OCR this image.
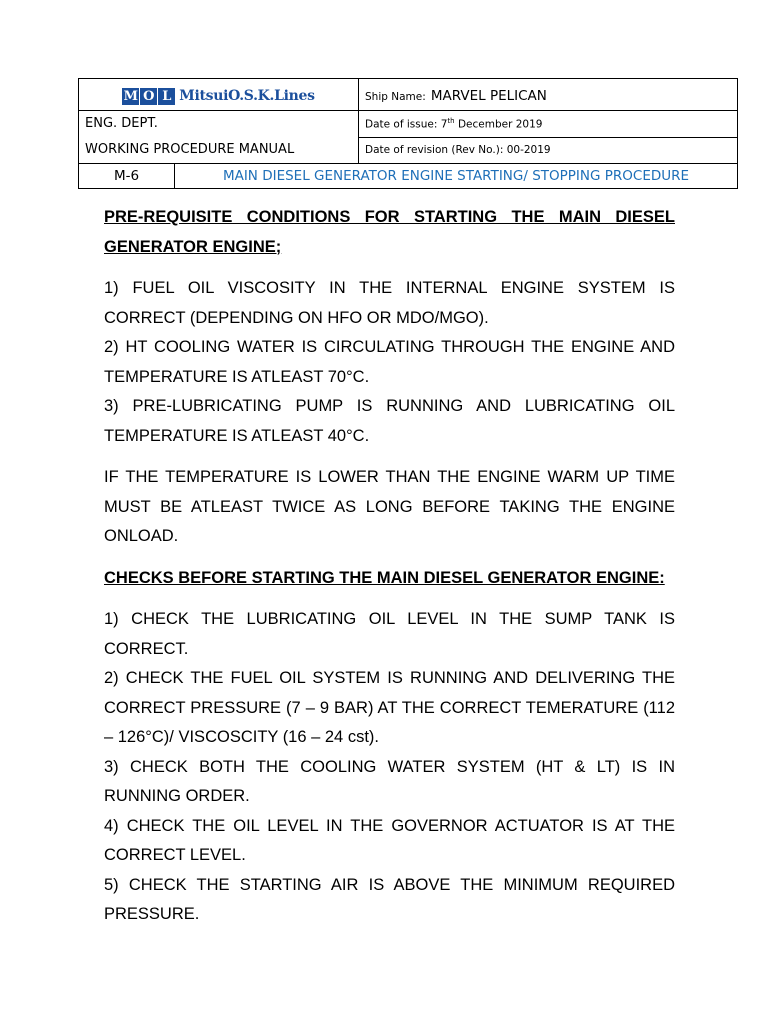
M O L MitsuiO.S.K.Lines		Ship Name: MARVEL PELICAN

ENG. DEPT.
WORKING PROCEDURE MANUAL		Date of issue: 7th December 2019
		Date of revision (Rev No.): 00-2019
M-6	MAIN DIESEL GENERATOR ENGINE STARTING/ STOPPING PROCEDURE	

PRE-REQUISITE CONDITIONS FOR STARTING THE MAIN DIESEL GENERATOR ENGINE;

1) FUEL OIL VISCOSITY IN THE INTERNAL ENGINE SYSTEM IS CORRECT (DEPENDING ON HFO OR MDO/MGO).

2) HT COOLING WATER IS CIRCULATING THROUGH THE ENGINE AND TEMPERATURE IS ATLEAST 70°C.

3) PRE-LUBRICATING PUMP IS RUNNING AND LUBRICATING OIL TEMPERATURE IS ATLEAST 40°C.

IF THE TEMPERATURE IS LOWER THAN THE ENGINE WARM UP TIME MUST BE ATLEAST TWICE AS LONG BEFORE TAKING THE ENGINE ONLOAD.

CHECKS BEFORE STARTING THE MAIN DIESEL GENERATOR ENGINE:

1) CHECK THE LUBRICATING OIL LEVEL IN THE SUMP TANK IS CORRECT.

2) CHECK THE FUEL OIL SYSTEM IS RUNNING AND DELIVERING THE CORRECT PRESSURE (7 – 9 BAR) AT THE CORRECT TEMERATURE (112 – 126°C)/ VISCOSCITY (16 – 24 cst).

3) CHECK BOTH THE COOLING WATER SYSTEM (HT & LT) IS IN RUNNING ORDER.

4) CHECK THE OIL LEVEL IN THE GOVERNOR ACTUATOR IS AT THE CORRECT LEVEL.

5) CHECK THE STARTING AIR IS ABOVE THE MINIMUM REQUIRED PRESSURE.
